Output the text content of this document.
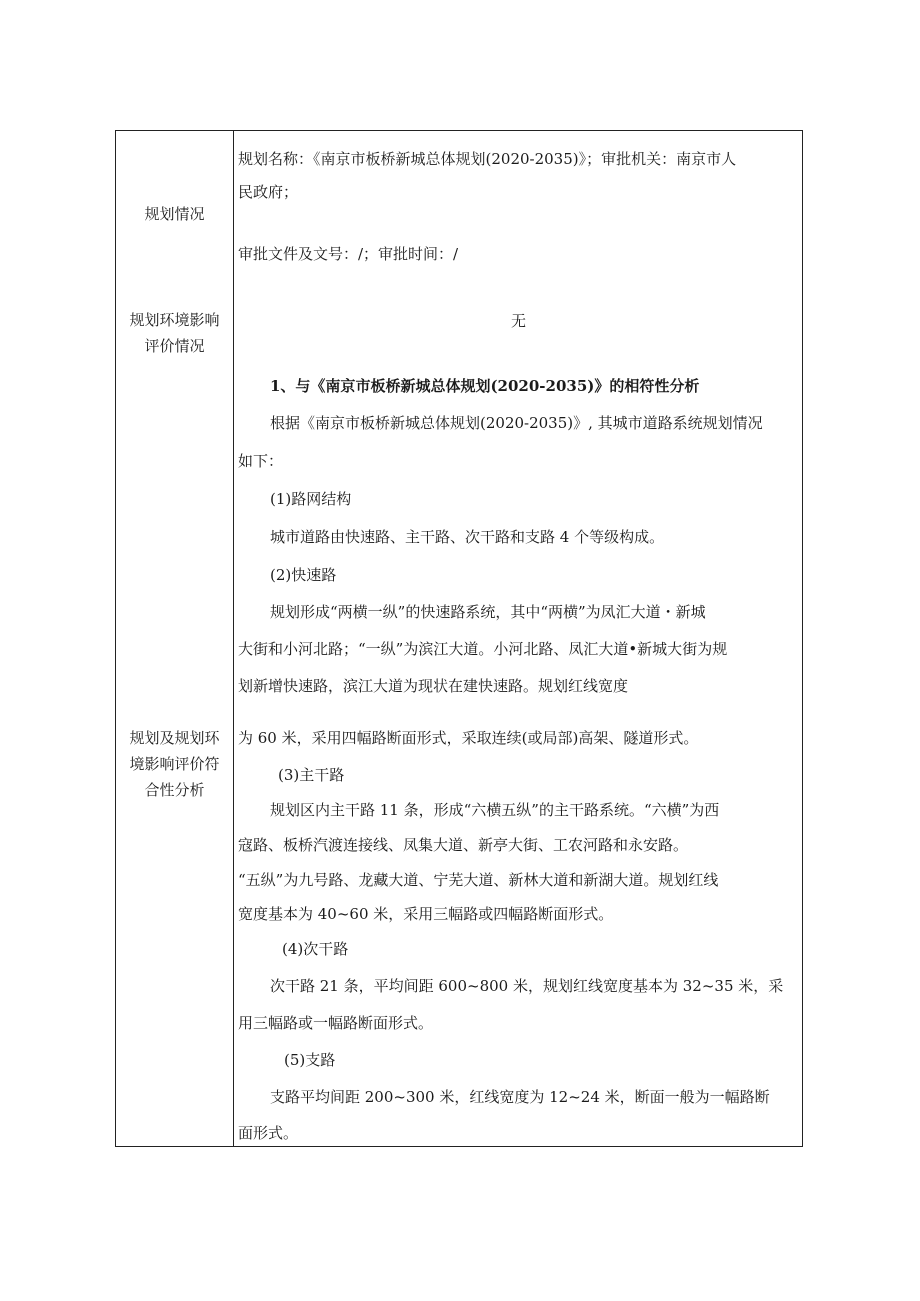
规划情况
规划环境影响
评价情况
规划及规划环
境影响评价符
合性分析
规划名称：《南京市板桥新城总体规划(2020-2035)》；审批机关：南京市人
民政府；
审批文件及文号：/；审批时间：/
无
1、与《南京市板桥新城总体规划(2020-2035)》的相符性分析
根据《南京市板桥新城总体规划(2020-2035)》, 其城市道路系统规划情况
如下：
(1)路网结构
城市道路由快速路、主干路、次干路和支路 4 个等级构成。
(2)快速路
规划形成“两横一纵”的快速路系统，其中“两横”为凤汇大道・新城
大街和小河北路；“一纵”为滨江大道。小河北路、凤汇大道•新城大街为规
划新增快速路，滨江大道为现状在建快速路。规划红线宽度
为 60 米，采用四幅路断面形式，采取连续(或局部)高架、隧道形式。
(3)主干路
规划区内主干路 11 条，形成“六横五纵”的主干路系统。“六横”为西
寇路、板桥汽渡连接线、凤集大道、新亭大街、工农河路和永安路。
“五纵”为九号路、龙藏大道、宁芜大道、新林大道和新湖大道。规划红线
宽度基本为 40~60 米，采用三幅路或四幅路断面形式。
(4)次干路
次干路 21 条，平均间距 600~800 米，规划红线宽度基本为 32~35 米，采
用三幅路或一幅路断面形式。
(5)支路
支路平均间距 200~300 米，红线宽度为 12~24 米，断面一般为一幅路断
面形式。
